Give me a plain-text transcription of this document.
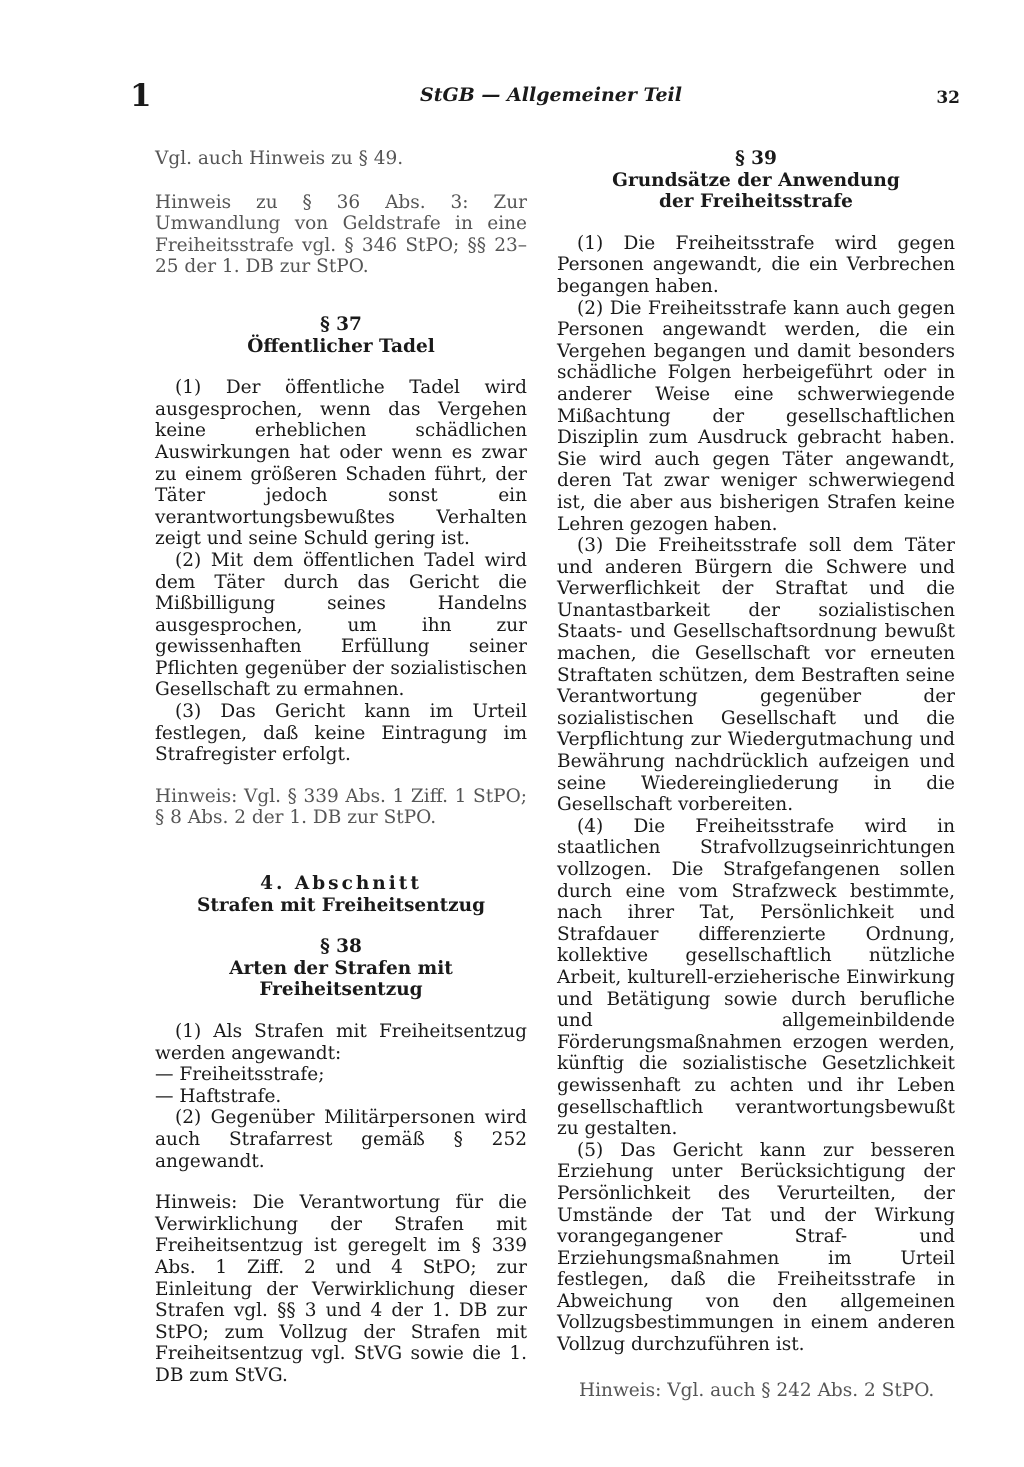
1	StGB — Allgemeiner Teil	32

Vgl. auch Hinweis zu § 49.

Hinweis zu § 36 Abs. 3: Zur Umwandlung von Geldstrafe in eine Freiheitsstrafe vgl. § 346 StPO; §§ 23–25 der 1. DB zur StPO.

§ 37

Öffentlicher Tadel

(1) Der öffentliche Tadel wird ausgesprochen, wenn das Vergehen keine erheblichen schädlichen Auswirkungen hat oder wenn es zwar zu einem größeren Schaden führt, der Täter jedoch sonst ein verantwortungsbewußtes Verhalten zeigt und seine Schuld gering ist.

(2) Mit dem öffentlichen Tadel wird dem Täter durch das Gericht die Mißbilligung seines Handelns ausgesprochen, um ihn zur gewissenhaften Erfüllung seiner Pflichten gegenüber der sozialistischen Gesellschaft zu ermahnen.

(3) Das Gericht kann im Urteil festlegen, daß keine Eintragung im Strafregister erfolgt.

Hinweis: Vgl. § 339 Abs. 1 Ziff. 1 StPO; § 8 Abs. 2 der 1. DB zur StPO.

4. Abschnitt

Strafen mit Freiheitsentzug

§ 38

Arten der Strafen mit Freiheitsentzug

(1) Als Strafen mit Freiheitsentzug werden angewandt:

— Freiheitsstrafe;

— Haftstrafe.

(2) Gegenüber Militärpersonen wird auch Strafarrest gemäß § 252 angewandt.

Hinweis: Die Verantwortung für die Verwirklichung der Strafen mit Freiheitsentzug ist geregelt im § 339 Abs. 1 Ziff. 2 und 4 StPO; zur Einleitung der Verwirklichung dieser Strafen vgl. §§ 3 und 4 der 1. DB zur StPO; zum Vollzug der Strafen mit Freiheitsentzug vgl. StVG sowie die 1. DB zum StVG.

§ 39

Grundsätze der Anwendung

der Freiheitsstrafe

(1) Die Freiheitsstrafe wird gegen Personen angewandt, die ein Verbrechen begangen haben.

(2) Die Freiheitsstrafe kann auch gegen Personen angewandt werden, die ein Vergehen begangen und damit besonders schädliche Folgen herbeigeführt oder in anderer Weise eine schwerwiegende Mißachtung der gesellschaftlichen Disziplin zum Ausdruck gebracht haben. Sie wird auch gegen Täter angewandt, deren Tat zwar weniger schwerwiegend ist, die aber aus bisherigen Strafen keine Lehren gezogen haben.

(3) Die Freiheitsstrafe soll dem Täter und anderen Bürgern die Schwere und Verwerflichkeit der Straftat und die Unantastbarkeit der sozialistischen Staats- und Gesellschaftsordnung bewußt machen, die Gesellschaft vor erneuten Straftaten schützen, dem Bestraften seine Verantwortung gegenüber der sozialistischen Gesellschaft und die Verpflichtung zur Wiedergutmachung und Bewährung nachdrücklich aufzeigen und seine Wiedereingliederung in die Gesellschaft vorbereiten.

(4) Die Freiheitsstrafe wird in staatlichen Strafvollzugseinrichtungen vollzogen. Die Strafgefangenen sollen durch eine vom Strafzweck bestimmte, nach ihrer Tat, Persönlichkeit und Strafdauer differenzierte Ordnung, kollektive gesellschaftlich nützliche Arbeit, kulturell-erzieherische Einwirkung und Betätigung sowie durch berufliche und allgemeinbildende Förderungsmaßnahmen erzogen werden, künftig die sozialistische Gesetzlichkeit gewissenhaft zu achten und ihr Leben gesellschaftlich verantwortungsbewußt zu gestalten.

(5) Das Gericht kann zur besseren Erziehung unter Berücksichtigung der Persönlichkeit des Verurteilten, der Umstände der Tat und der Wirkung vorangegangener Straf- und Erziehungsmaßnahmen im Urteil festlegen, daß die Freiheitsstrafe in Abweichung von den allgemeinen Vollzugsbestimmungen in einem anderen Vollzug durchzuführen ist.

Hinweis: Vgl. auch § 242 Abs. 2 StPO.
